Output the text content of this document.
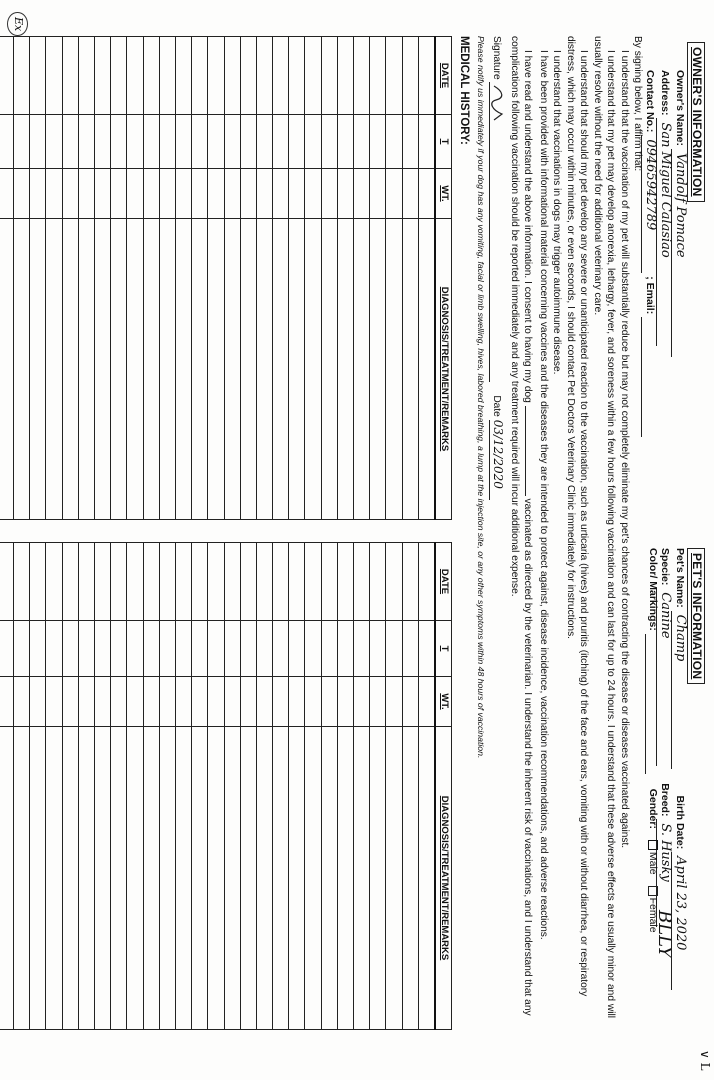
∨ L
BLLY
Ex
OWNER'S INFORMATION
Owner's Name: Vandolf Pomace
Address: San Miguel Calasiao
Contact No.: 09465942789 ; Email:
PET'S INFORMATION
Pet's Name: Champ Birth Date: April 23, 2020
Specie: Canine Breed: S. Husky
Color/ Markings:  Gender: Male Female

By signing below, I affirm that:

I understand that the vaccination of my pet will substantially reduce but may not completely eliminate my pet's chances of contracting the disease or diseases vaccinated against.

I understand that my pet may develop anorexia, lethargy, fever, and soreness within a few hours following vaccination and can last for up to 24 hours. I understand that these adverse effects are usually minor and will usually resolve without the need for additional veterinary care.

I understand that should my pet develop any severe or unanticipated reaction to the vaccination, such as urticaria (hives) and pruritis (itching) of the face and ears, vomiting with or without diarrhea, or respiratory distress, which may occur within minutes, or even seconds, I should contact Pet Doctors Veterinary Clinic immediately for instructions.

I understand that vaccinations in dogs may trigger autoimmune disease.

I have been provided with informational material concerning vaccines and the diseases they are intended to protect against, disease incidence, vaccination recommendations, and adverse reactions.

I have read and understand the above information. I consent to having my dog  vaccinated as directed by the veterinarian. I understand the inherent risk of vaccinations, and I understand that any complications following vaccination should be reported immediately and any treatment required will incur additional expense.

Signature
Date 03/12/2020

Please notify us immediately if your dog has any vomiting, facial or limb swelling, hives, labored breathing, a lump at the injection site, or any other symptoms within 48 hours of vaccination.
MEDICAL HISTORY:
DATE	T	WT.	DIAGNOSIS/TREATMENT/REMARKS

DATE	T	WT.	DIAGNOSIS/TREATMENT/REMARKS
